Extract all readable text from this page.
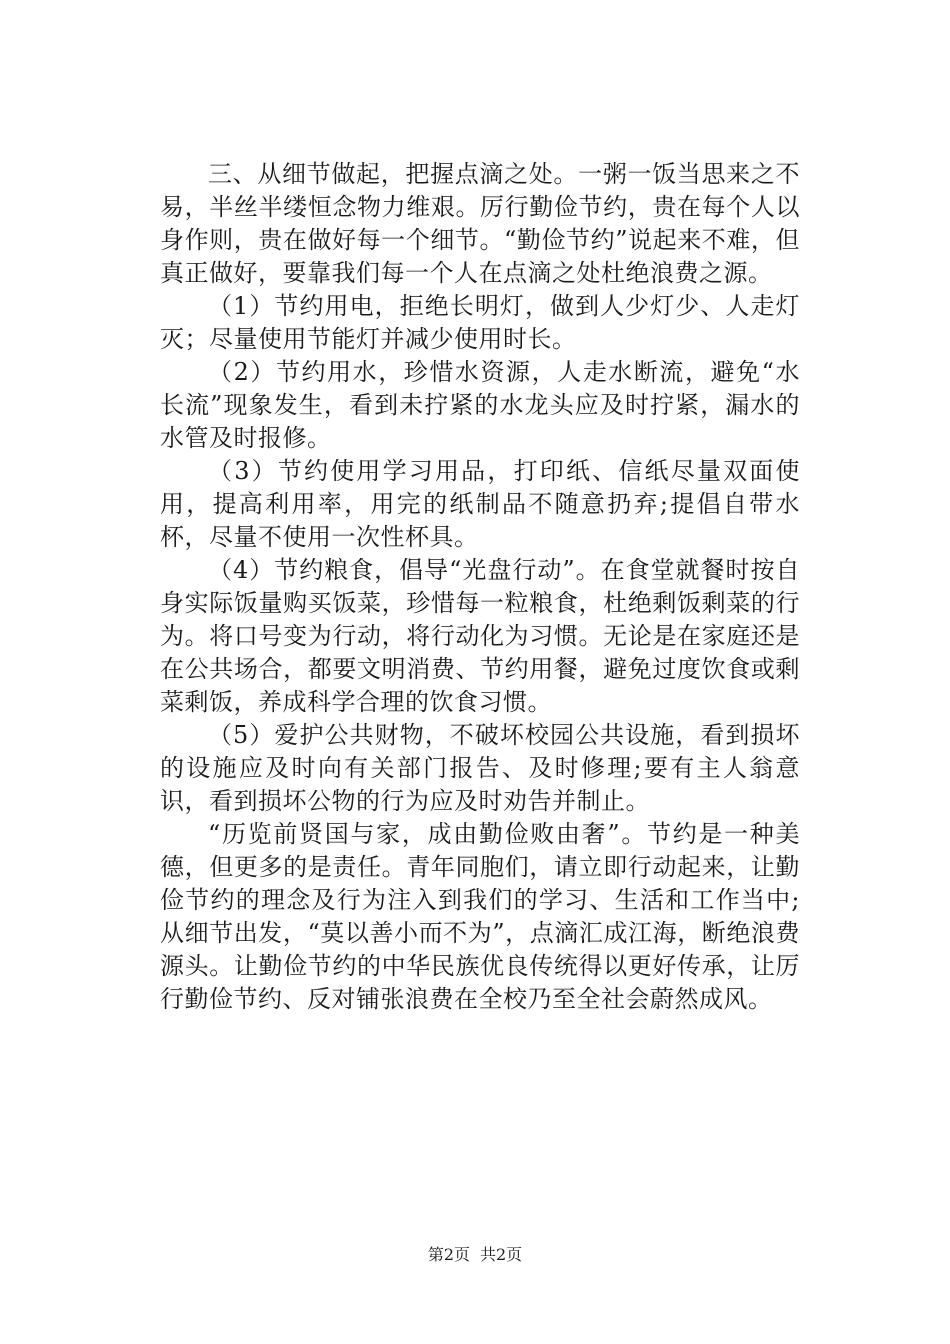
三、从细节做起，把握点滴之处。一粥一饭当思来之不易，半丝半缕恒念物力维艰。厉行勤俭节约，贵在每个人以身作则，贵在做好每一个细节。“勤俭节约”说起来不难，但真正做好，要靠我们每一个人在点滴之处杜绝浪费之源。

（1）节约用电，拒绝长明灯，做到人少灯少、人走灯灭；尽量使用节能灯并减少使用时长。

（2）节约用水，珍惜水资源，人走水断流，避免“水长流”现象发生，看到未拧紧的水龙头应及时拧紧，漏水的水管及时报修。

（3）节约使用学习用品，打印纸、信纸尽量双面使用，提高利用率，用完的纸制品不随意扔弃;提倡自带水杯，尽量不使用一次性杯具。

（4）节约粮食，倡导“光盘行动”。在食堂就餐时按自身实际饭量购买饭菜，珍惜每一粒粮食，杜绝剩饭剩菜的行为。将口号变为行动，将行动化为习惯。无论是在家庭还是在公共场合，都要文明消费、节约用餐，避免过度饮食或剩菜剩饭，养成科学合理的饮食习惯。

（5）爱护公共财物，不破坏校园公共设施，看到损坏的设施应及时向有关部门报告、及时修理;要有主人翁意识，看到损坏公物的行为应及时劝告并制止。

“历览前贤国与家，成由勤俭败由奢”。节约是一种美德，但更多的是责任。青年同胞们，请立即行动起来，让勤俭节约的理念及行为注入到我们的学习、生活和工作当中;从细节出发，“莫以善小而不为”，点滴汇成江海，断绝浪费源头。让勤俭节约的中华民族优良传统得以更好传承，让厉行勤俭节约、反对铺张浪费在全校乃至全社会蔚然成风。

第2页 共2页
